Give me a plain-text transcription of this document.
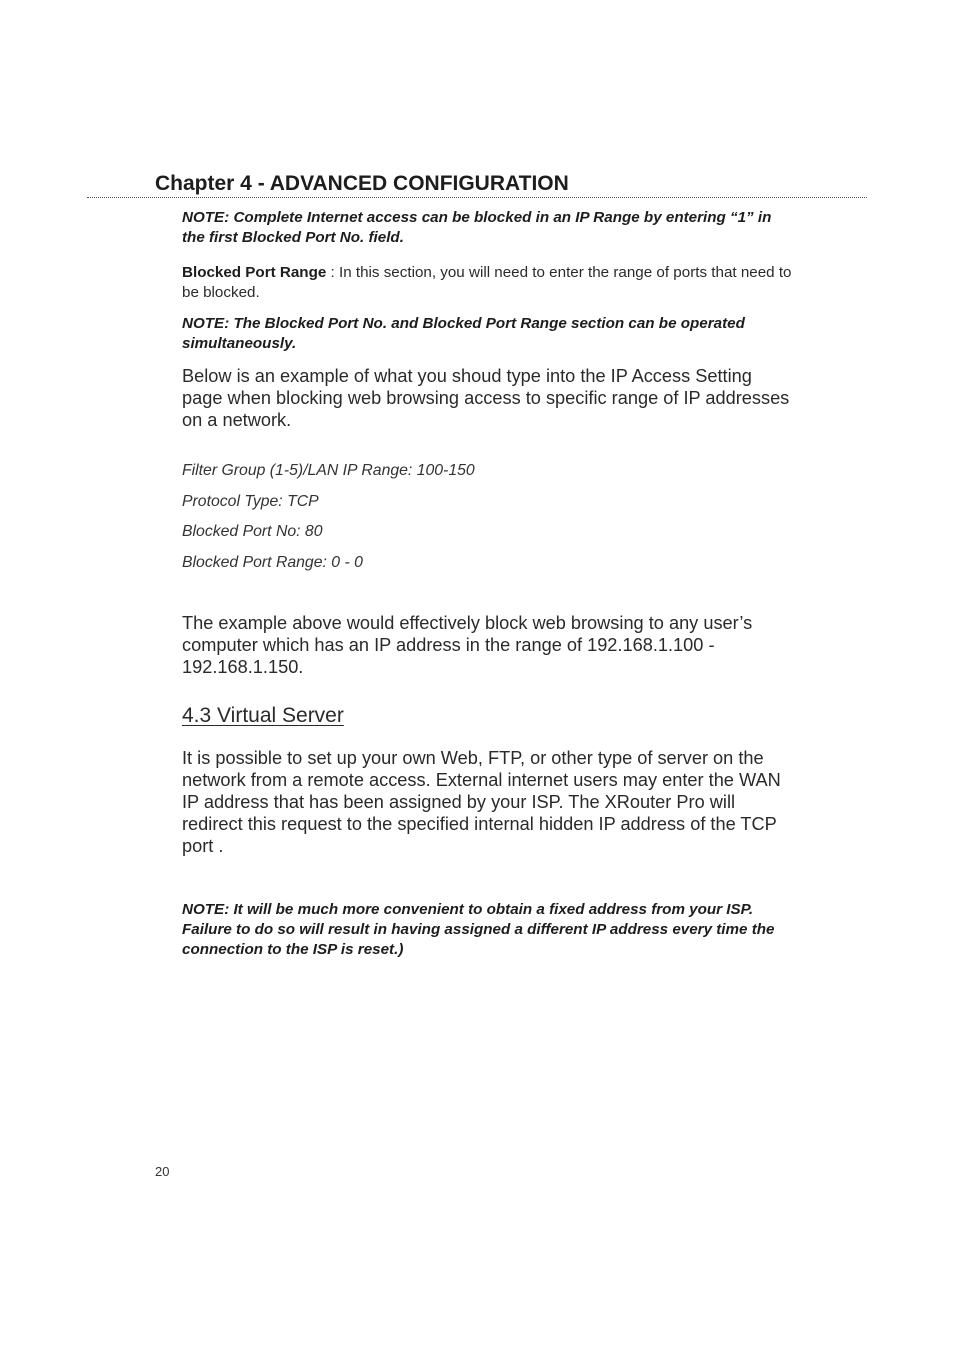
Chapter 4 - ADVANCED CONFIGURATION
NOTE: Complete Internet access can be blocked in an IP Range by entering “1” in the first Blocked Port No. field.
Blocked Port Range : In this section, you will need to enter the range of ports that need to be blocked.
NOTE: The Blocked Port No. and Blocked Port Range section can be operated simultaneously.
Below is an example of what you shoud type into the IP Access Setting page when blocking web browsing access to specific range of IP addresses on a network.
Filter Group (1-5)/LAN IP Range: 100-150
Protocol Type: TCP
Blocked Port No: 80
Blocked Port Range: 0 - 0
The example above would effectively block web browsing to any user’s computer which has an IP address in the range of 192.168.1.100 - 192.168.1.150.
4.3 Virtual Server
It is possible to set up your own Web, FTP, or other type of server on the network from a remote access. External internet users may enter the WAN IP address that has been assigned by your ISP. The XRouter Pro will redirect this request to the specified internal hidden IP address of the TCP port .
NOTE: It will be much more convenient to obtain a fixed address from your ISP. Failure to do so will result in having assigned a different IP address every time the connection to the ISP is reset.)
20
